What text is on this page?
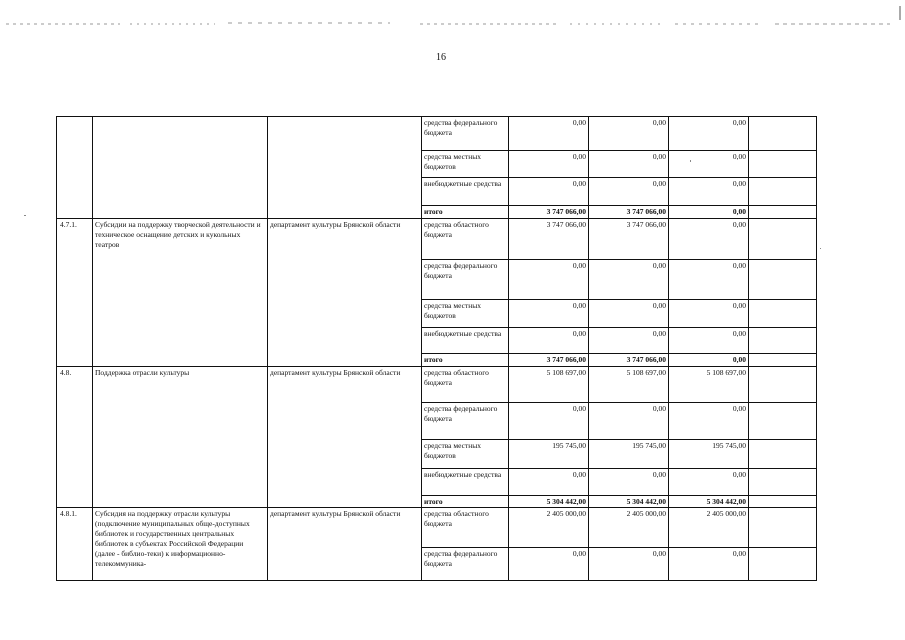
16
			средства федерального бюджета	0,00	0,00	0,00	
			средства местных бюджетов	0,00	0,00	0,00	
			внебюджетные средства	0,00	0,00	0,00	
			итого	3 747 066,00	3 747 066,00	0,00	
4.7.1.	Субсидии на поддержку творческой деятельности и техническое оснащение детских и кукольных театров	департамент культуры Брянской области	средства областного бюджета	3 747 066,00	3 747 066,00	0,00	
			средства федерального бюджета	0,00	0,00	0,00	
			средства местных бюджетов	0,00	0,00	0,00	
			внебюджетные средства	0,00	0,00	0,00	
			итого	3 747 066,00	3 747 066,00	0,00	
4.8.	Поддержка отрасли культуры	департамент культуры Брянской области	средства областного бюджета	5 108 697,00	5 108 697,00	5 108 697,00	
			средства федерального бюджета	0,00	0,00	0,00	
			средства местных бюджетов	195 745,00	195 745,00	195 745,00	
			внебюджетные средства	0,00	0,00	0,00	
			итого	5 304 442,00	5 304 442,00	5 304 442,00	
4.8.1.	Субсидия на поддержку отрасли культуры (подключение муниципальных обще-доступных библиотек и государственных центральных библиотек в субъектах Российской Федерации (далее - библио-теки) к информационно-телекоммуника-	департамент культуры Брянской области	средства областного бюджета	2 405 000,00	2 405 000,00	2 405 000,00	
			средства федерального бюджета	0,00	0,00	0,00	
